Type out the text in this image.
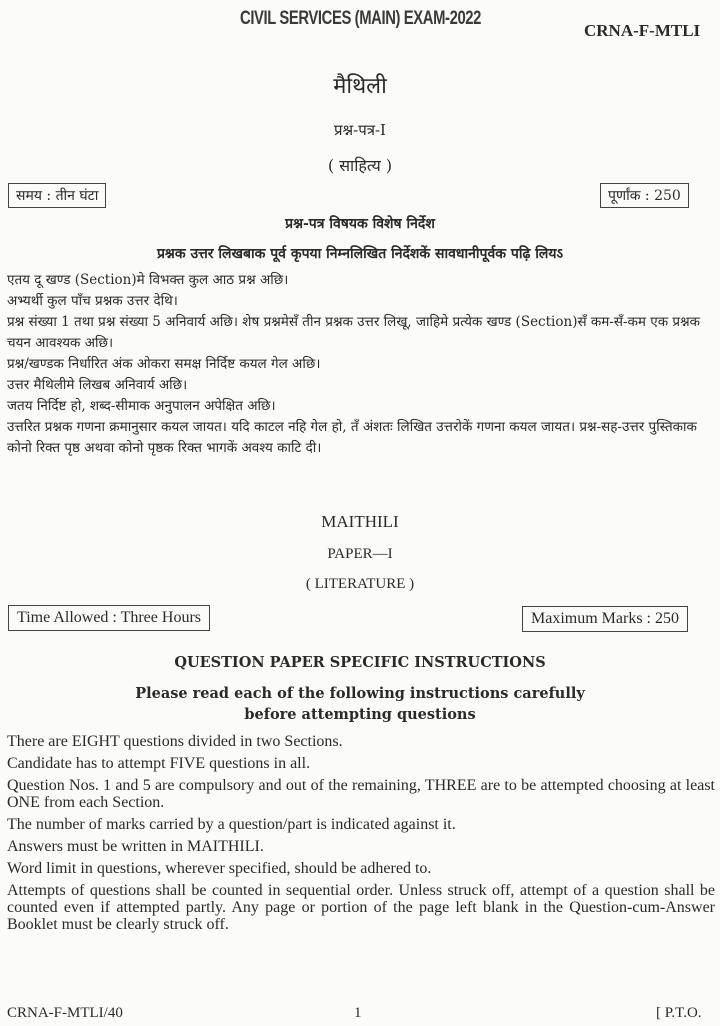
CIVIL SERVICES (MAIN) EXAM-2022
CRNA-F-MTLI
मैथिली
प्रश्न-पत्र-I
( साहित्य )
समय : तीन घंटा	पूर्णांक : 250
प्रश्न-पत्र विषयक विशेष निर्देश
प्रश्नक उत्तर लिखबाक पूर्व कृपया निम्नलिखित निर्देशकें सावधानीपूर्वक पढ़ि लियऽ

एतय दू खण्ड (Section)मे विभक्त कुल आठ प्रश्न अछि।

अभ्यर्थी कुल पाँच प्रश्नक उत्तर देथि।

प्रश्न संख्या 1 तथा प्रश्न संख्या 5 अनिवार्य अछि। शेष प्रश्नमेसँ तीन प्रश्नक उत्तर लिखू, जाहिमे प्रत्येक खण्ड (Section)सँ कम-सँ-कम एक प्रश्नक चयन आवश्यक अछि।

प्रश्न/खण्डक निर्धारित अंक ओकरा समक्ष निर्दिष्ट कयल गेल अछि।

उत्तर मैथिलीमे लिखब अनिवार्य अछि।

जतय निर्दिष्ट हो, शब्द-सीमाक अनुपालन अपेक्षित अछि।

उत्तरित प्रश्नक गणना क्रमानुसार कयल जायत। यदि काटल नहि गेल हो, तँ अंशतः लिखित उत्तरोकें गणना कयल जायत। प्रश्न-सह-उत्तर पुस्तिकाक कोनो रिक्त पृष्ठ अथवा कोनो पृष्ठक रिक्त भागकें अवश्य काटि दी।

MAITHILI
PAPER—I
( LITERATURE )
Time Allowed : Three Hours	Maximum Marks : 250
QUESTION PAPER SPECIFIC INSTRUCTIONS
Please read each of the following instructions carefully
before attempting questions

There are EIGHT questions divided in two Sections.

Candidate has to attempt FIVE questions in all.

Question Nos. 1 and 5 are compulsory and out of the remaining, THREE are to be attempted choosing at least ONE from each Section.

The number of marks carried by a question/part is indicated against it.

Answers must be written in MAITHILI.

Word limit in questions, wherever specified, should be adhered to.

Attempts of questions shall be counted in sequential order. Unless struck off, attempt of a question shall be counted even if attempted partly. Any page or portion of the page left blank in the Question-cum-Answer Booklet must be clearly struck off.

CRNA-F-MTLI/40	1	[ P.T.O.
